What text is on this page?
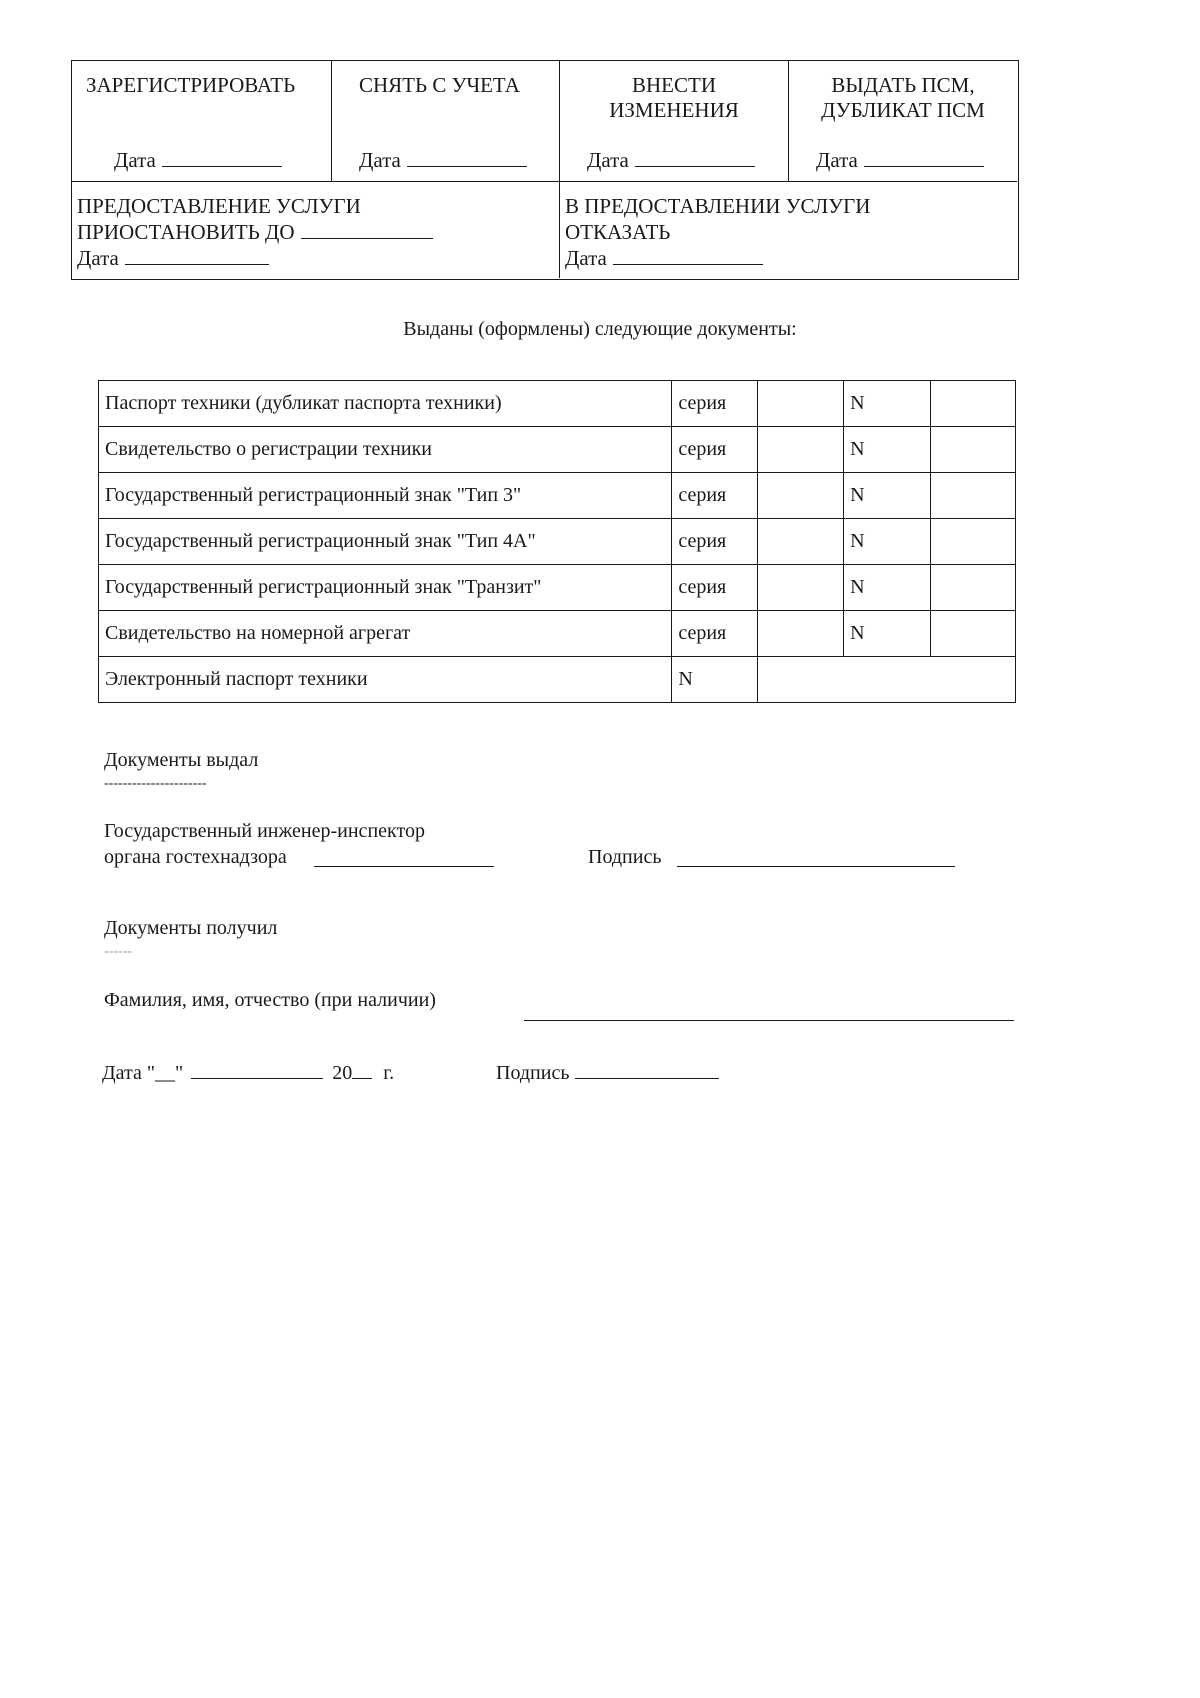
ЗАРЕГИСТРИРОВАТЬ
Дата
СНЯТЬ С УЧЕТА
Дата
ВНЕСТИ ИЗМЕНЕНИЯ
Дата
ВЫДАТЬ ПСМ, ДУБЛИКАТ ПСМ
Дата
ПРЕДОСТАВЛЕНИЕ УСЛУГИ
ПРИОСТАНОВИТЬ ДО
Дата
В ПРЕДОСТАВЛЕНИИ УСЛУГИ
ОТКАЗАТЬ
Дата
Выданы (оформлены) следующие документы:
Паспорт техники (дубликат паспорта техники)	серия		N	
Свидетельство о регистрации техники	серия		N	
Государственный регистрационный знак "Тип 3"	серия		N	
Государственный регистрационный знак "Тип 4А"	серия		N	
Государственный регистрационный знак "Транзит"	серия		N	
Свидетельство на номерной агрегат	серия		N	
Электронный паспорт техники	N			
Документы выдал
----------------------
Государственный инженер-инспектор
органа гостехнадзора	Подпись
Документы получил
------
Фамилия, имя, отчество (при наличии)
Дата "__"	20 г.	Подпись
